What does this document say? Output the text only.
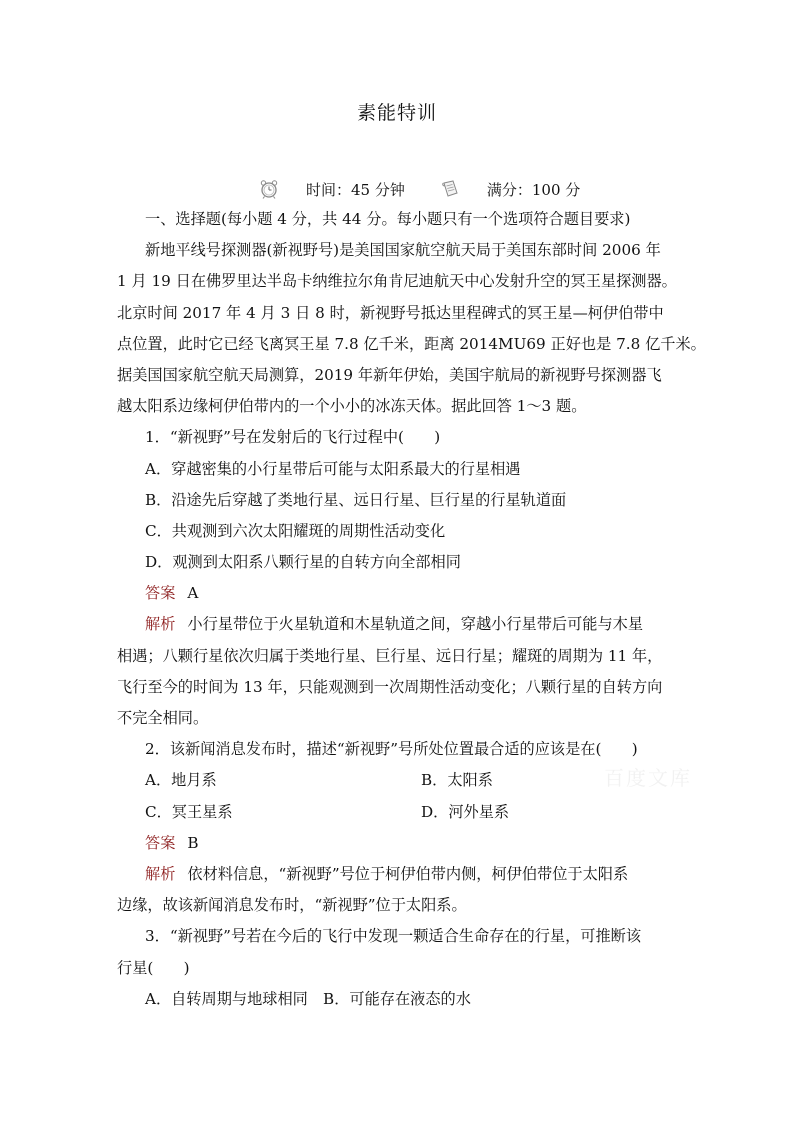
素能特训
时间：45 分钟	满分：100 分
一、选择题(每小题 4 分，共 44 分。每小题只有一个选项符合题目要求)
新地平线号探测器(新视野号)是美国国家航空航天局于美国东部时间 2006 年
1 月 19 日在佛罗里达半岛卡纳维拉尔角肯尼迪航天中心发射升空的冥王星探测器。
北京时间 2017 年 4 月 3 日 8 时，新视野号抵达里程碑式的冥王星—柯伊伯带中
点位置，此时它已经飞离冥王星 7.8 亿千米，距离 2014MU69 正好也是 7.8 亿千米。
据美国国家航空航天局测算，2019 年新年伊始，美国宇航局的新视野号探测器飞
越太阳系边缘柯伊伯带内的一个小小的冰冻天体。据此回答 1～3 题。
1．“新视野”号在发射后的飞行过程中(　　)
A．穿越密集的小行星带后可能与太阳系最大的行星相遇
B．沿途先后穿越了类地行星、远日行星、巨行星的行星轨道面
C．共观测到六次太阳耀斑的周期性活动变化
D．观测到太阳系八颗行星的自转方向全部相同
答案 A
解析 小行星带位于火星轨道和木星轨道之间，穿越小行星带后可能与木星
相遇；八颗行星依次归属于类地行星、巨行星、远日行星；耀斑的周期为 11 年，
飞行至今的时间为 13 年，只能观测到一次周期性活动变化；八颗行星的自转方向
不完全相同。
2．该新闻消息发布时，描述“新视野”号所处位置最合适的应该是在(　　)
A．地月系	B．太阳系
C．冥王星系	D．河外星系
答案 B
解析 依材料信息，“新视野”号位于柯伊伯带内侧，柯伊伯带位于太阳系
边缘，故该新闻消息发布时，“新视野”位于太阳系。
3．“新视野”号若在今后的飞行中发现一颗适合生命存在的行星，可推断该
行星(　　)
A．自转周期与地球相同　B．可能存在液态的水
百度文库
